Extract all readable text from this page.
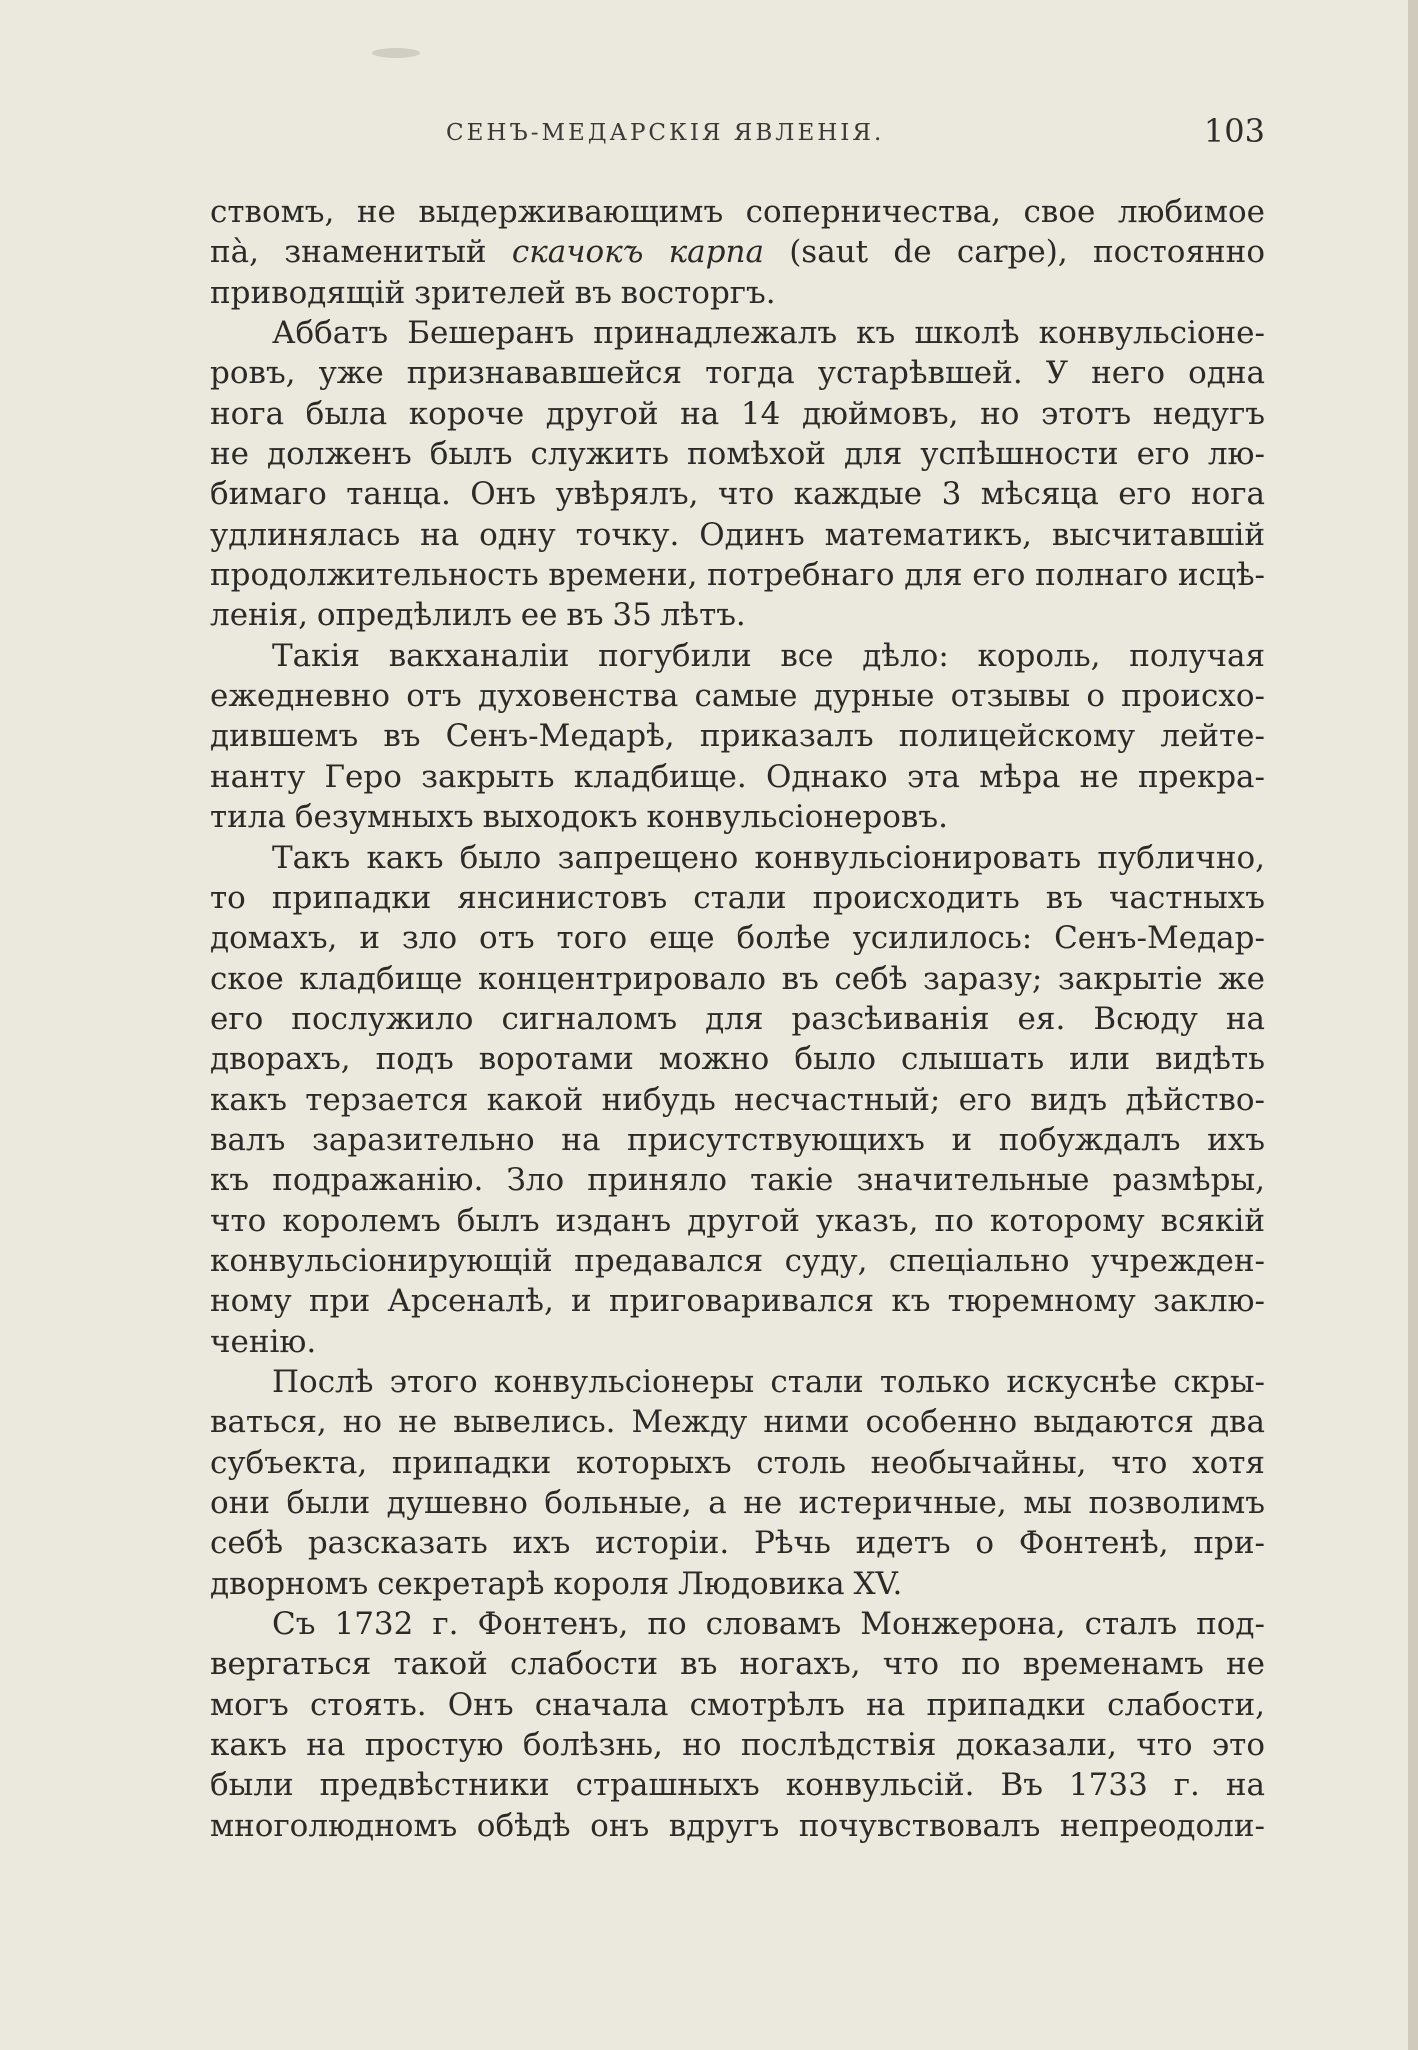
СЕНЪ-МЕДАРСКІЯ ЯВЛЕНІЯ.	103
ствомъ, не выдерживающимъ соперничества, свое любимое
па̀, знаменитый скачокъ карпа (saut de carpe), постоянно
приводящій зрителей въ восторгъ.
Аббатъ Бешеранъ принадлежалъ къ школѣ конвульсіоне-
ровъ, уже признававшейся тогда устарѣвшей. У него одна
нога была короче другой на 14 дюймовъ, но этотъ недугъ
не долженъ былъ служить помѣхой для успѣшности его лю-
бимаго танца. Онъ увѣрялъ, что каждые 3 мѣсяца его нога
удлинялась на одну точку. Одинъ математикъ, высчитавшій
продолжительность времени, потребнаго для его полнаго исцѣ-
ленія, опредѣлилъ ее въ 35 лѣтъ.
Такія вакханаліи погубили все дѣло: король, получая
ежедневно отъ духовенства самые дурные отзывы о происхо-
дившемъ въ Сенъ-Медарѣ, приказалъ полицейскому лейте-
нанту Геро закрыть кладбище. Однако эта мѣра не прекра-
тила безумныхъ выходокъ конвульсіонеровъ.
Такъ какъ было запрещено конвульсіонировать публично,
то припадки янсинистовъ стали происходить въ частныхъ
домахъ, и зло отъ того еще болѣе усилилось: Сенъ-Медар-
ское кладбище концентрировало въ себѣ заразу; закрытіе же
его послужило сигналомъ для разсѣиванія ея. Всюду на
дворахъ, подъ воротами можно было слышать или видѣть
какъ терзается какой нибудь несчастный; его видъ дѣйство-
валъ заразительно на присутствующихъ и побуждалъ ихъ
къ подражанію. Зло приняло такіе значительные размѣры,
что королемъ былъ изданъ другой указъ, по которому всякій
конвульсіонирующій предавался суду, спеціально учрежден-
ному при Арсеналѣ, и приговаривался къ тюремному заклю-
ченію.
Послѣ этого конвульсіонеры стали только искуснѣе скры-
ваться, но не вывелись. Между ними особенно выдаются два
субъекта, припадки которыхъ столь необычайны, что хотя
они были душевно больные, а не истеричные, мы позволимъ
себѣ разсказать ихъ исторіи. Рѣчь идетъ о Фонтенѣ, при-
дворномъ секретарѣ короля Людовика XV.
Съ 1732 г. Фонтенъ, по словамъ Монжерона, сталъ под-
вергаться такой слабости въ ногахъ, что по временамъ не
могъ стоять. Онъ сначала смотрѣлъ на припадки слабости,
какъ на простую болѣзнь, но послѣдствія доказали, что это
были предвѣстники страшныхъ конвульсій. Въ 1733 г. на
многолюдномъ обѣдѣ онъ вдругъ почувствовалъ непреодоли-
